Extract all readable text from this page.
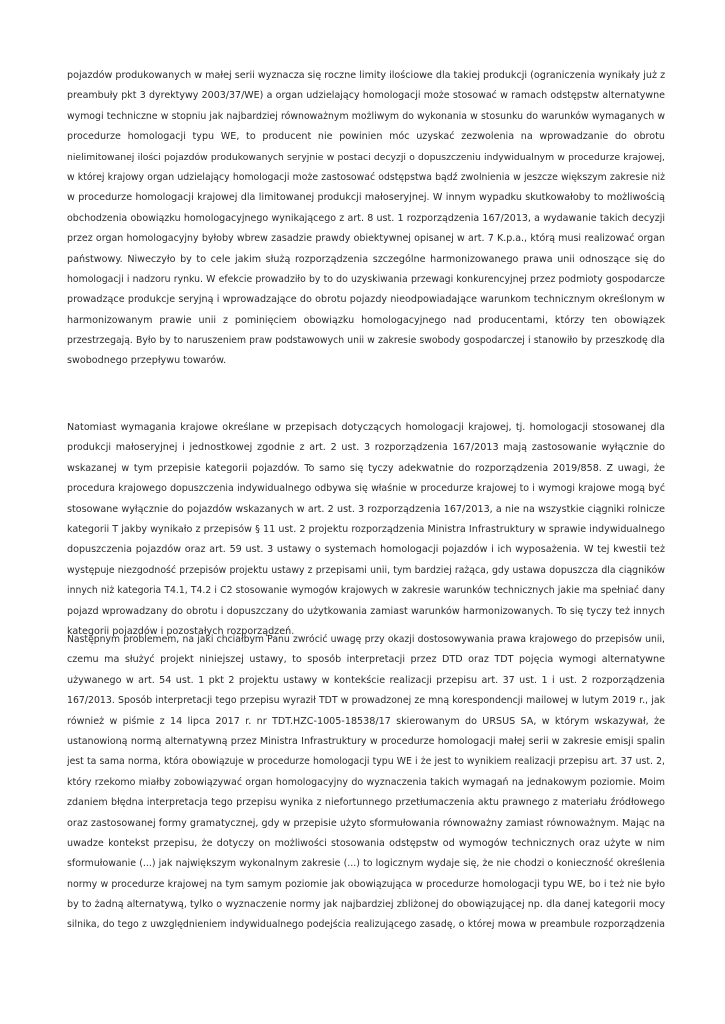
pojazdów produkowanych w małej serii wyznacza się roczne limity ilościowe dla takiej produkcji (ograniczenia wynikały już z
preambuły pkt 3 dyrektywy 2003/37/WE) a organ udzielający homologacji może stosować w ramach odstępstw alternatywne
wymogi techniczne w stopniu jak najbardziej równoważnym możliwym do wykonania w stosunku do warunków wymaganych w
procedurze homologacji typu WE, to producent nie powinien móc uzyskać zezwolenia na wprowadzanie do obrotu
nielimitowanej ilości pojazdów produkowanych seryjnie w postaci decyzji o dopuszczeniu indywidualnym w procedurze krajowej,
w której krajowy organ udzielający homologacji może zastosować odstępstwa bądź zwolnienia w jeszcze większym zakresie niż
w procedurze homologacji krajowej dla limitowanej produkcji małoseryjnej. W innym wypadku skutkowałoby to możliwością
obchodzenia obowiązku homologacyjnego wynikającego z art. 8 ust. 1 rozporządzenia 167/2013, a wydawanie takich decyzji
przez organ homologacyjny byłoby wbrew zasadzie prawdy obiektywnej opisanej w art. 7 K.p.a., którą musi realizować organ
państwowy. Niweczyło by to cele jakim służą rozporządzenia szczególne harmonizowanego prawa unii odnoszące się do
homologacji i nadzoru rynku. W efekcie prowadziło by to do uzyskiwania przewagi konkurencyjnej przez podmioty gospodarcze
prowadzące produkcje seryjną i wprowadzające do obrotu pojazdy nieodpowiadające warunkom technicznym określonym w
harmonizowanym prawie unii z pominięciem obowiązku homologacyjnego nad producentami, którzy ten obowiązek
przestrzegają. Było by to naruszeniem praw podstawowych unii w zakresie swobody gospodarczej i stanowiło by przeszkodę dla
swobodnego przepływu towarów.
Natomiast wymagania krajowe określane w przepisach dotyczących homologacji krajowej, tj. homologacji stosowanej dla
produkcji małoseryjnej i jednostkowej zgodnie z art. 2 ust. 3 rozporządzenia 167/2013 mają zastosowanie wyłącznie do
wskazanej w tym przepisie kategorii pojazdów. To samo się tyczy adekwatnie do rozporządzenia 2019/858. Z uwagi, że
procedura krajowego dopuszczenia indywidualnego odbywa się właśnie w procedurze krajowej to i wymogi krajowe mogą być
stosowane wyłącznie do pojazdów wskazanych w art. 2 ust. 3 rozporządzenia 167/2013, a nie na wszystkie ciągniki rolnicze
kategorii T jakby wynikało z przepisów § 11 ust. 2 projektu rozporządzenia Ministra Infrastruktury w sprawie indywidualnego
dopuszczenia pojazdów oraz art. 59 ust. 3 ustawy o systemach homologacji pojazdów i ich wyposażenia. W tej kwestii też
występuje niezgodność przepisów projektu ustawy z przepisami unii, tym bardziej rażąca, gdy ustawa dopuszcza dla ciągników
innych niż kategoria T4.1, T4.2 i C2 stosowanie wymogów krajowych w zakresie warunków technicznych jakie ma spełniać dany
pojazd wprowadzany do obrotu i dopuszczany do użytkowania zamiast warunków harmonizowanych. To się tyczy też innych
kategorii pojazdów i pozostałych rozporządzeń.
Następnym problemem, na jaki chciałbym Panu zwrócić uwagę przy okazji dostosowywania prawa krajowego do przepisów unii,
czemu ma służyć projekt niniejszej ustawy, to sposób interpretacji przez DTD oraz TDT pojęcia wymogi alternatywne
używanego w art. 54 ust. 1 pkt 2 projektu ustawy w kontekście realizacji przepisu art. 37 ust. 1 i ust. 2 rozporządzenia
167/2013. Sposób interpretacji tego przepisu wyraził TDT w prowadzonej ze mną korespondencji mailowej w lutym 2019 r., jak
również w piśmie z 14 lipca 2017 r. nr TDT.HZC-1005-18538/17 skierowanym do URSUS SA, w którym wskazywał, że
ustanowioną normą alternatywną przez Ministra Infrastruktury w procedurze homologacji małej serii w zakresie emisji spalin
jest ta sama norma, która obowiązuje w procedurze homologacji typu WE i że jest to wynikiem realizacji przepisu art. 37 ust. 2,
który rzekomo miałby zobowiązywać organ homologacyjny do wyznaczenia takich wymagań na jednakowym poziomie. Moim
zdaniem błędna interpretacja tego przepisu wynika z niefortunnego przetłumaczenia aktu prawnego z materiału źródłowego
oraz zastosowanej formy gramatycznej, gdy w przepisie użyto sformułowania równoważny zamiast równoważnym. Mając na
uwadze kontekst przepisu, że dotyczy on możliwości stosowania odstępstw od wymogów technicznych oraz użyte w nim
sformułowanie (...) jak największym wykonalnym zakresie (...) to logicznym wydaje się, że nie chodzi o konieczność określenia
normy w procedurze krajowej na tym samym poziomie jak obowiązująca w procedurze homologacji typu WE, bo i też nie było
by to żadną alternatywą, tylko o wyznaczenie normy jak najbardziej zbliżonej do obowiązującej np. dla danej kategorii mocy
silnika, do tego z uwzględnieniem indywidualnego podejścia realizującego zasadę, o której mowa w preambule rozporządzenia
